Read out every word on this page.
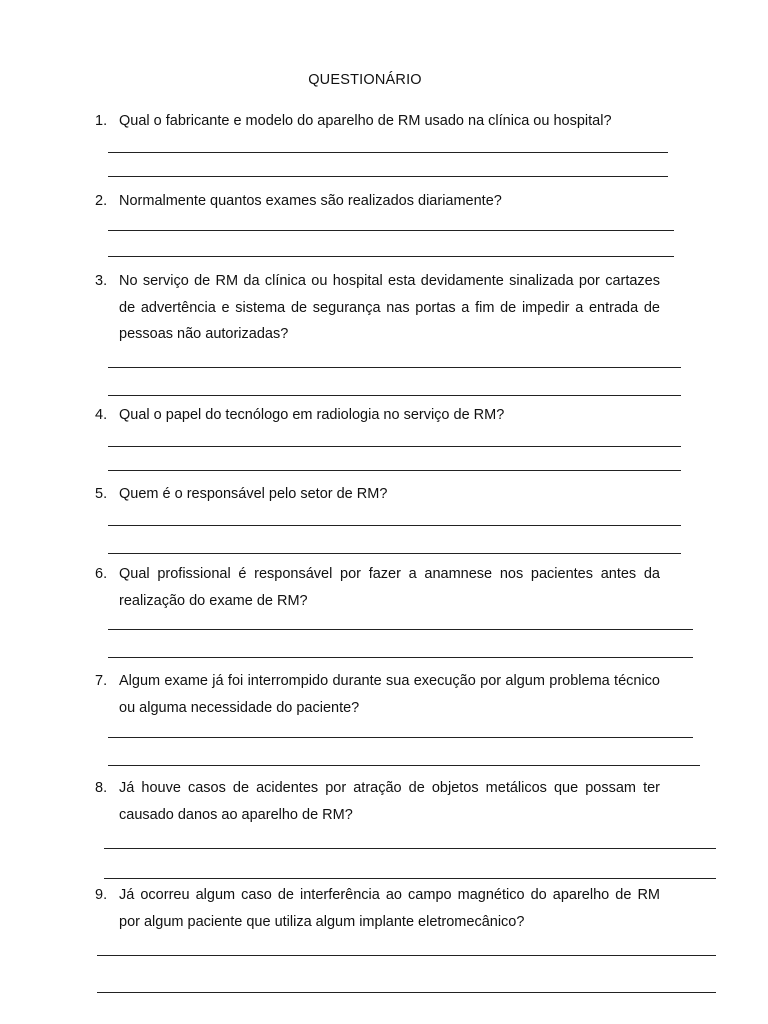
QUESTIONÁRIO
1. Qual o fabricante e modelo do aparelho de RM usado na clínica ou hospital?
2. Normalmente quantos exames são realizados diariamente?
3. No serviço de RM da clínica ou hospital esta devidamente sinalizada por cartazes de advertência e sistema de segurança nas portas a fim de impedir a entrada de pessoas não autorizadas?
4. Qual o papel do tecnólogo em radiologia no serviço de RM?
5. Quem é o responsável pelo setor de RM?
6. Qual profissional é responsável por fazer a anamnese nos pacientes antes da realização do exame de RM?
7. Algum exame já foi interrompido durante sua execução por algum problema técnico ou alguma necessidade do paciente?
8. Já houve casos de acidentes por atração de objetos metálicos que possam ter causado danos ao aparelho de RM?
9. Já ocorreu algum caso de interferência ao campo magnético do aparelho de RM por algum paciente que utiliza algum implante eletromecânico?
